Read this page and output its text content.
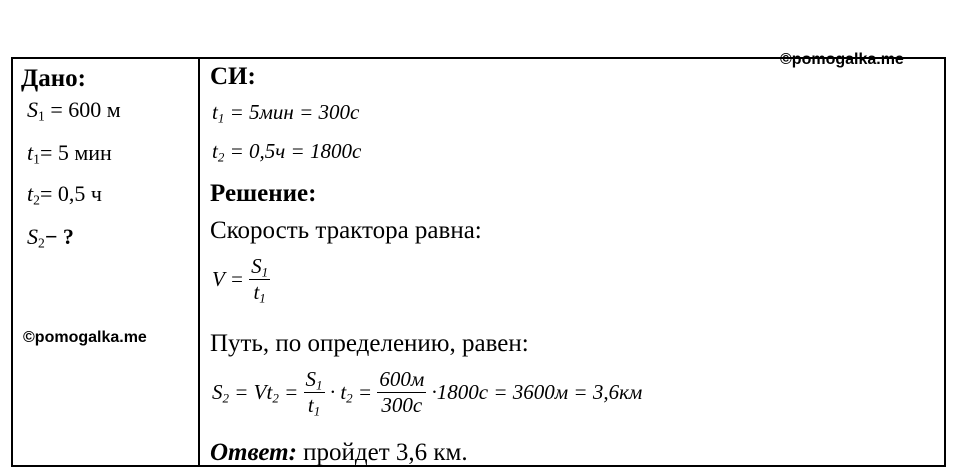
©pomogalka.me
Дано:
$S_1 = 600$ м
$t_1= 5$ мин
$t_2= 0,5$ ч
$S_2-$ ?
©pomogalka.me
СИ:
$t_1 = 5мин = 300с$
$t_2 = 0,5ч = 1800с$
Решение:
Скорость трактора равна:
$V = \frac{S_1}{t_1}$
Путь, по определению, равен:
$S_2 = Vt_2 = \frac{S_1}{t_1} \cdot t_2 = \frac{600м}{300с} \cdot 1800с = 3600м = 3,6км$
Ответ: пройдет 3,6 км.
